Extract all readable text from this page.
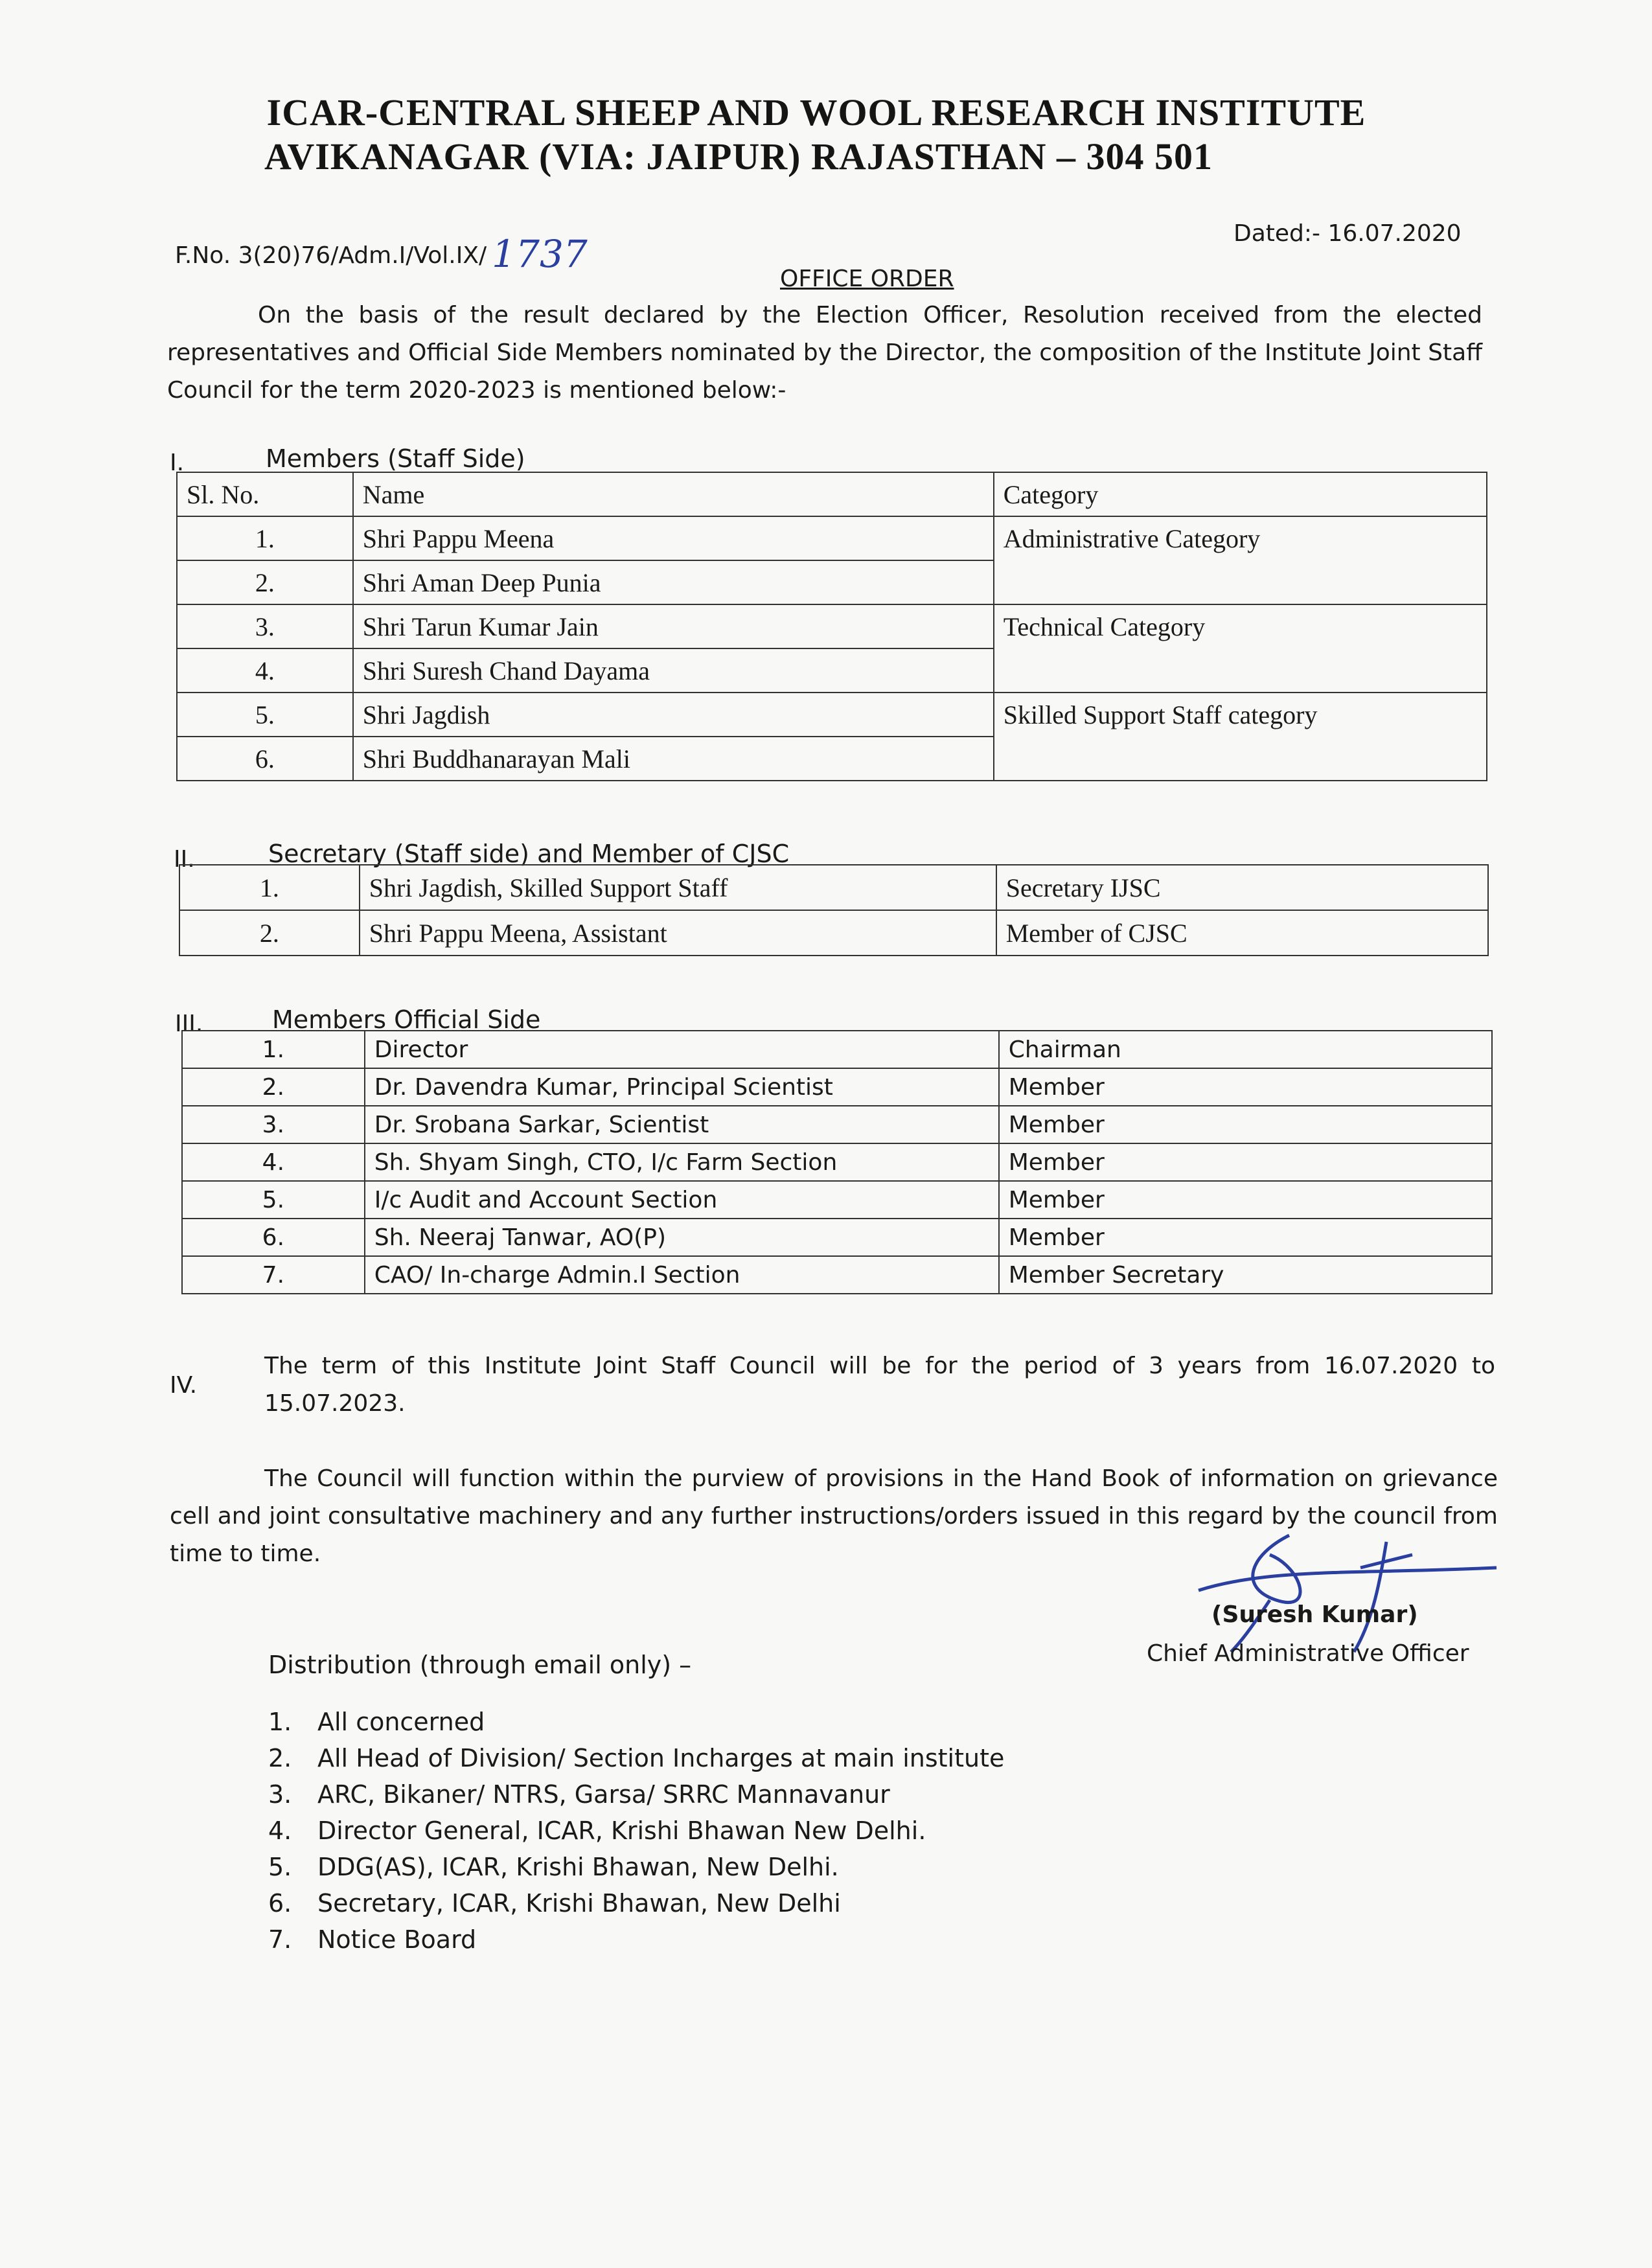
ICAR-CENTRAL SHEEP AND WOOL RESEARCH INSTITUTE
AVIKANAGAR (VIA: JAIPUR) RAJASTHAN – 304 501
F.No. 3(20)76/Adm.I/Vol.IX/ 1737	Dated:- 16.07.2020
OFFICE ORDER
On the basis of the result declared by the Election Officer, Resolution received from the elected representatives and Official Side Members nominated by the Director, the composition of the Institute Joint Staff Council for the term 2020-2023 is mentioned below:-
I.	Members (Staff Side)
Sl. No.	Name	Category
1.	Shri Pappu Meena	Administrative Category
2.	Shri Aman Deep Punia	
3.	Shri Tarun Kumar Jain	Technical Category
4.	Shri Suresh Chand Dayama	
5.	Shri Jagdish	Skilled Support Staff category
6.	Shri Buddhanarayan Mali	
II.	Secretary (Staff side) and Member of CJSC
1.	Shri Jagdish, Skilled Support Staff	Secretary IJSC
2.	Shri Pappu Meena, Assistant	Member of CJSC
III.	Members Official Side
1.	Director	Chairman
2.	Dr. Davendra Kumar, Principal Scientist	Member
3.	Dr. Srobana Sarkar, Scientist	Member
4.	Sh. Shyam Singh, CTO, I/c Farm Section	Member
5.	I/c Audit and Account Section	Member
6.	Sh. Neeraj Tanwar, AO(P)	Member
7.	CAO/ In-charge Admin.I Section	Member Secretary
IV.
The term of this Institute Joint Staff Council will be for the period of 3 years from 16.07.2020 to 15.07.2023.
The Council will function within the purview of provisions in the Hand Book of information on grievance cell and joint consultative machinery and any further instructions/orders issued in this regard by the council from time to time.
(Suresh Kumar)
Chief Administrative Officer
Distribution (through email only) –
1. All concerned
2. All Head of Division/ Section Incharges at main institute
3. ARC, Bikaner/ NTRS, Garsa/ SRRC Mannavanur
4. Director General, ICAR, Krishi Bhawan New Delhi.
5. DDG(AS), ICAR, Krishi Bhawan, New Delhi.
6. Secretary, ICAR, Krishi Bhawan, New Delhi
7. Notice Board
